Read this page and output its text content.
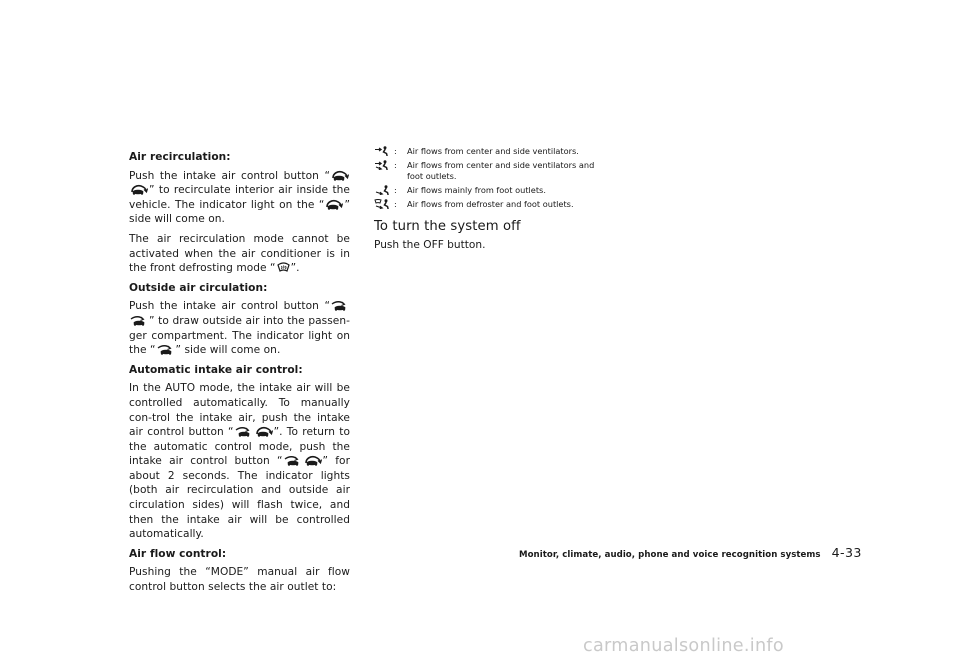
Air recirculation:

Push the intake air control button “
” to recirculate interior air inside the vehicle. The indicator light on the “ ” side will come on.

The air recirculation mode cannot be activated when the air conditioner is in the front defrosting mode “ ”.

Outside air circulation:

Push the intake air control button “
” to draw outside air into the passen-ger compartment. The indicator light on the “ ” side will come on.

Automatic intake air control:

In the AUTO mode, the intake air will be controlled automatically. To manually con-trol the intake air, push the intake air control button “	”. To return to the automatic control mode, push the intake air control button “	” for about 2 seconds. The indicator lights (both air recirculation and outside air circulation sides) will flash twice, and then the intake air will be controlled automatically.

Air flow control:

Pushing the “MODE” manual air flow control button selects the air outlet to:

:	Air flows from center and side ventilators.
:	Air flows from center and side ventilators and foot outlets.
:	Air flows mainly from foot outlets.
:	Air flows from defroster and foot outlets.
To turn the system off

Push the OFF button.

Monitor, climate, audio, phone and voice recognition systems 4-33
carmanualsonline.info
